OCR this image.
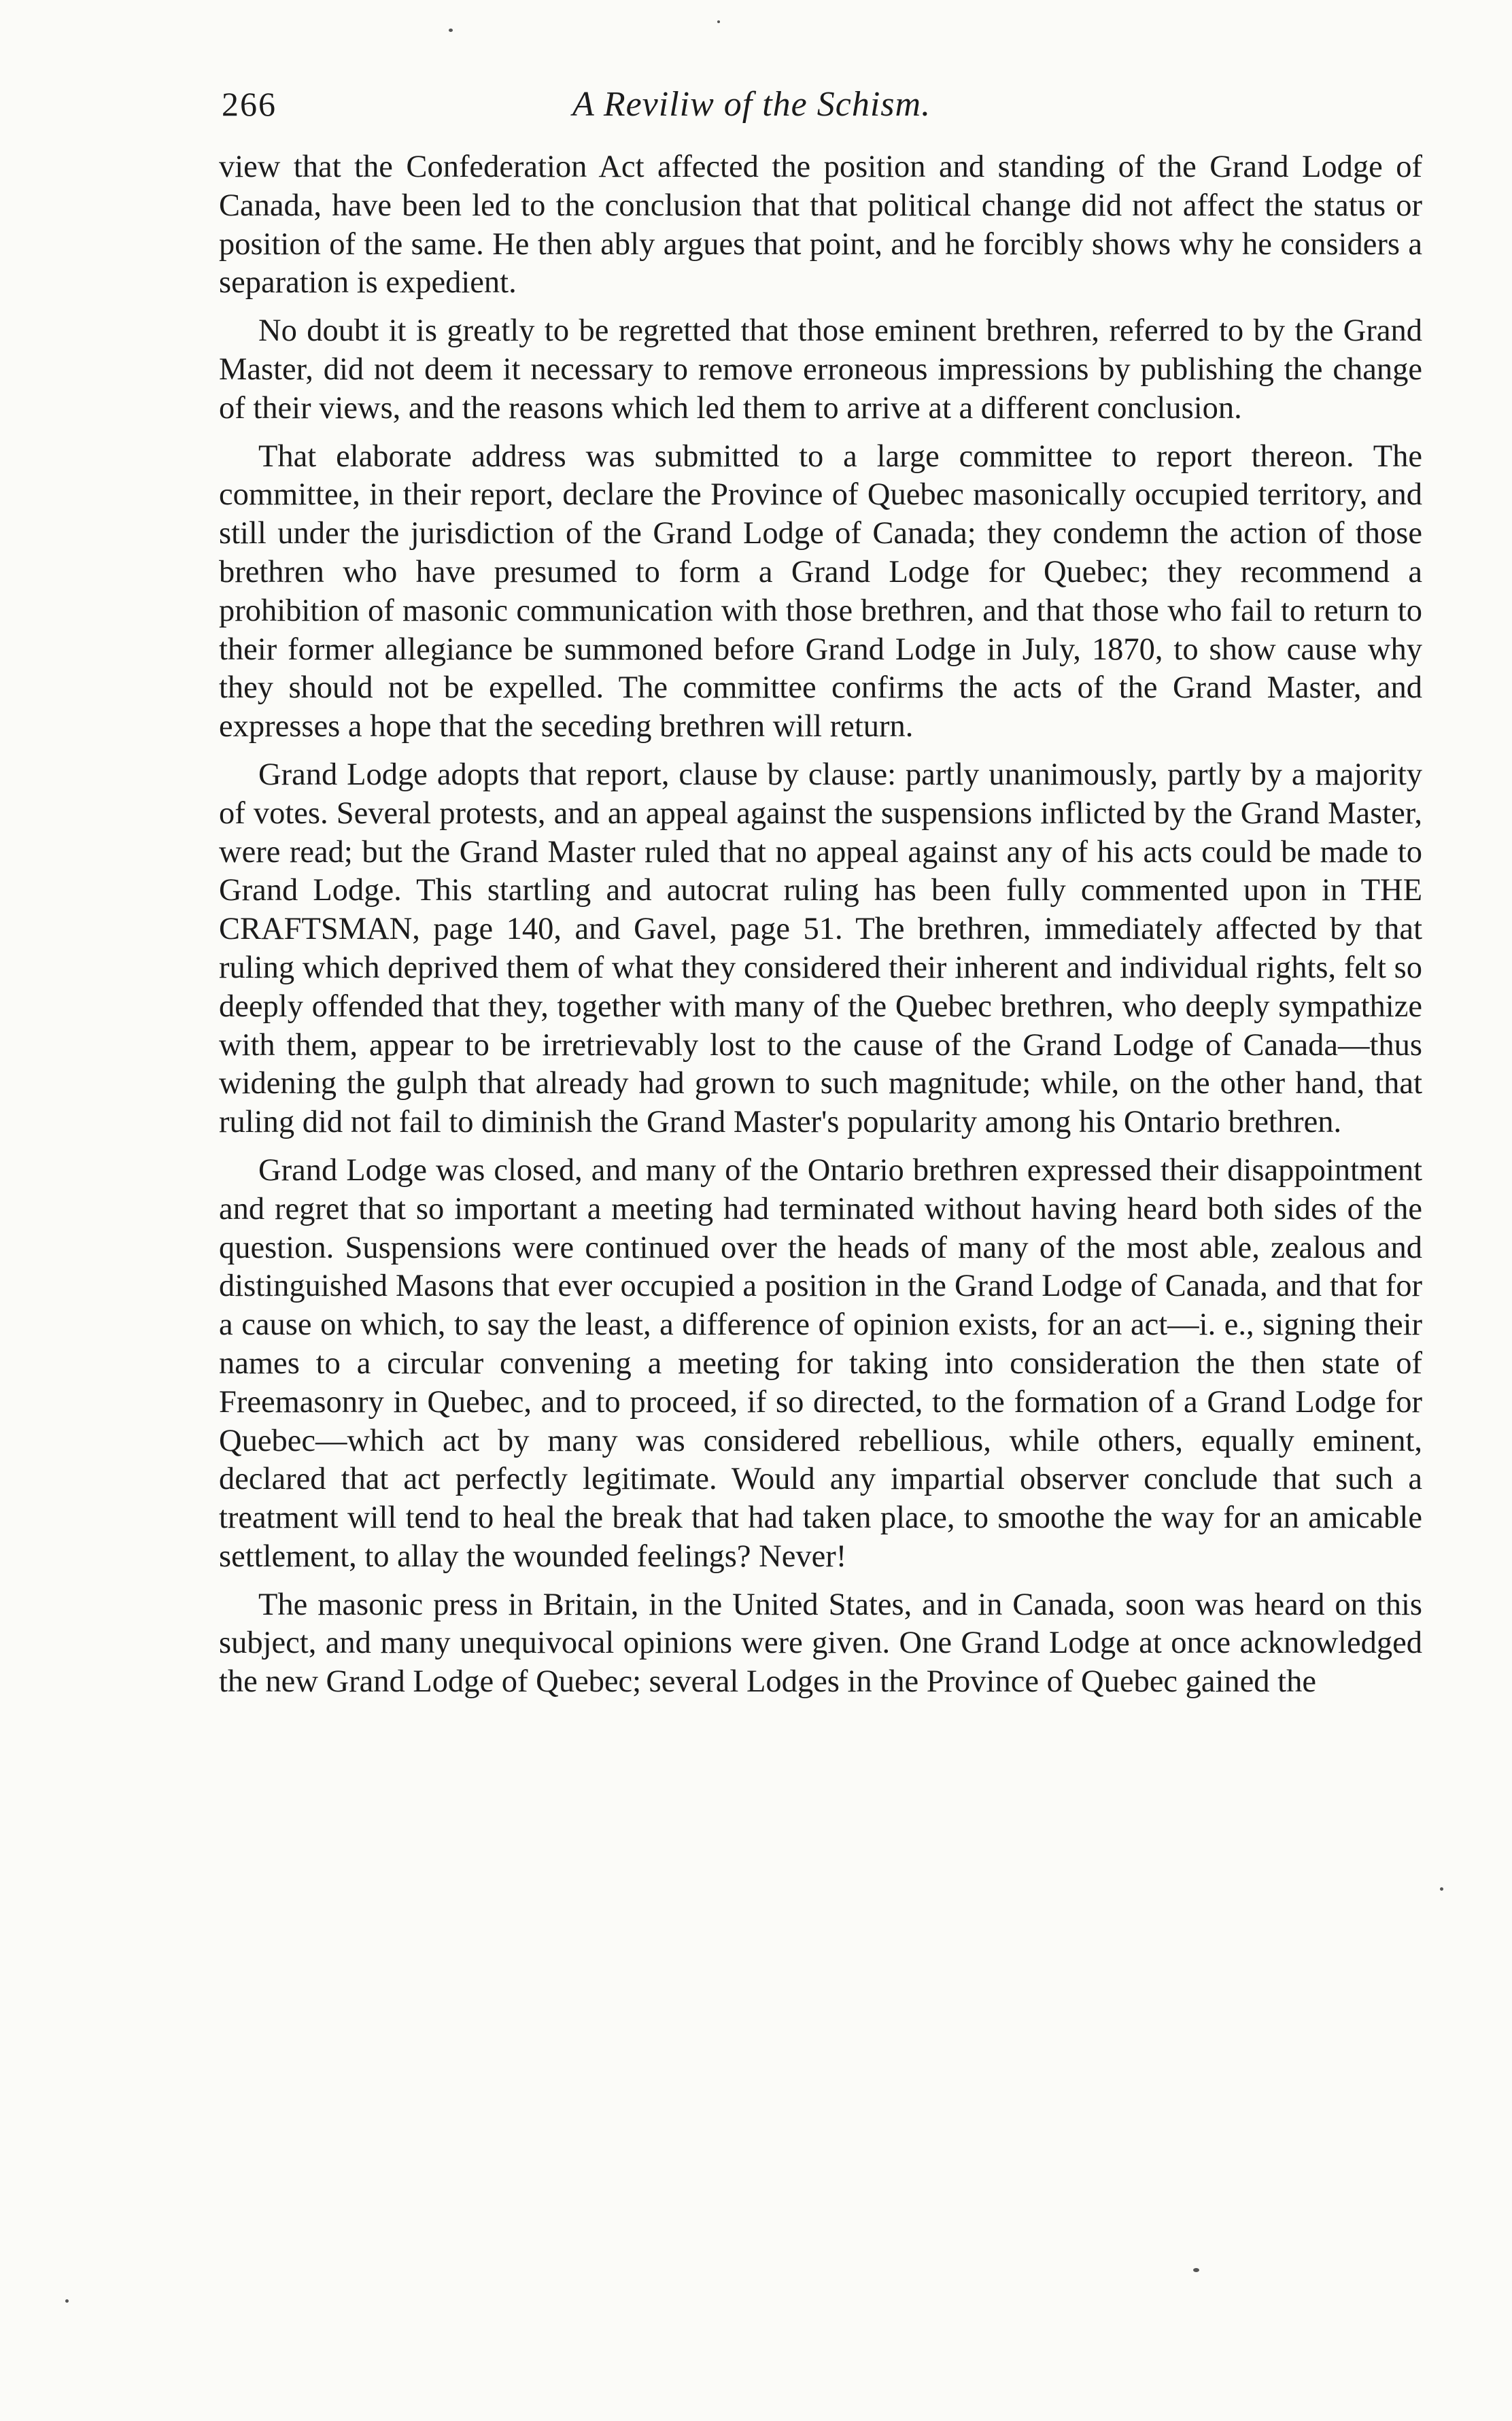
266	A Reviliw of the Schism.

view that the Confederation Act affected the position and standing of the Grand Lodge of Canada, have been led to the conclusion that that political change did not affect the status or position of the same. He then ably argues that point, and he forcibly shows why he considers a separation is expedient.

No doubt it is greatly to be regretted that those eminent brethren, referred to by the Grand Master, did not deem it necessary to remove erroneous impressions by publishing the change of their views, and the reasons which led them to arrive at a different conclusion.

That elaborate address was submitted to a large committee to report thereon. The committee, in their report, declare the Province of Quebec masonically occupied territory, and still under the jurisdiction of the Grand Lodge of Canada; they condemn the action of those brethren who have presumed to form a Grand Lodge for Quebec; they recommend a prohibition of masonic communication with those brethren, and that those who fail to return to their former allegiance be summoned before Grand Lodge in July, 1870, to show cause why they should not be expelled. The committee confirms the acts of the Grand Master, and expresses a hope that the seceding brethren will return.

Grand Lodge adopts that report, clause by clause: partly unanimously, partly by a majority of votes. Several protests, and an appeal against the suspensions inflicted by the Grand Master, were read; but the Grand Master ruled that no appeal against any of his acts could be made to Grand Lodge. This startling and autocrat ruling has been fully commented upon in THE CRAFTSMAN, page 140, and Gavel, page 51. The brethren, immediately affected by that ruling which deprived them of what they considered their inherent and individual rights, felt so deeply offended that they, together with many of the Quebec brethren, who deeply sympathize with them, appear to be irretrievably lost to the cause of the Grand Lodge of Canada—thus widening the gulph that already had grown to such magnitude; while, on the other hand, that ruling did not fail to diminish the Grand Master's popularity among his Ontario brethren.

Grand Lodge was closed, and many of the Ontario brethren expressed their disappointment and regret that so important a meeting had terminated without having heard both sides of the question. Suspensions were continued over the heads of many of the most able, zealous and distinguished Masons that ever occupied a position in the Grand Lodge of Canada, and that for a cause on which, to say the least, a difference of opinion exists, for an act—i. e., signing their names to a circular convening a meeting for taking into consideration the then state of Freemasonry in Quebec, and to proceed, if so directed, to the formation of a Grand Lodge for Quebec—which act by many was considered rebellious, while others, equally eminent, declared that act perfectly legitimate. Would any impartial observer conclude that such a treatment will tend to heal the break that had taken place, to smoothe the way for an amicable settlement, to allay the wounded feelings? Never!

The masonic press in Britain, in the United States, and in Canada, soon was heard on this subject, and many unequivocal opinions were given. One Grand Lodge at once acknowledged the new Grand Lodge of Quebec; several Lodges in the Province of Quebec gained the
